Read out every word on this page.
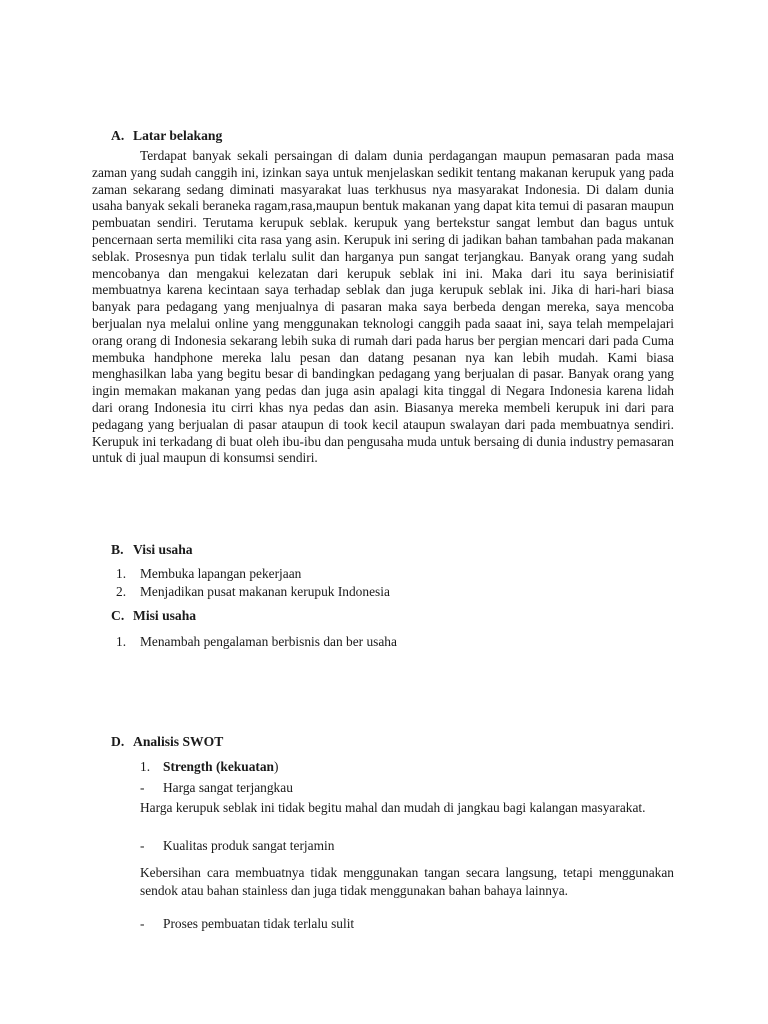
A. Latar belakang

Terdapat banyak sekali persaingan di dalam dunia perdagangan maupun pemasaran pada masa zaman yang sudah canggih ini, izinkan saya untuk menjelaskan sedikit tentang makanan kerupuk yang pada zaman sekarang sedang diminati masyarakat luas terkhusus nya masyarakat Indonesia. Di dalam dunia usaha banyak sekali beraneka ragam,rasa,maupun bentuk makanan yang dapat kita temui di pasaran maupun pembuatan sendiri. Terutama kerupuk seblak. kerupuk yang bertekstur sangat lembut dan bagus untuk pencernaan serta memiliki cita rasa yang asin. Kerupuk ini sering di jadikan bahan tambahan pada makanan seblak. Prosesnya pun tidak terlalu sulit dan harganya pun sangat terjangkau. Banyak orang yang sudah mencobanya dan mengakui kelezatan dari kerupuk seblak ini ini. Maka dari itu saya berinisiatif membuatnya karena kecintaan saya terhadap seblak dan juga kerupuk seblak ini. Jika di hari-hari biasa banyak para pedagang yang menjualnya di pasaran maka saya berbeda dengan mereka, saya mencoba berjualan nya melalui online yang menggunakan teknologi canggih pada saaat ini, saya telah mempelajari orang orang di Indonesia sekarang lebih suka di rumah dari pada harus ber pergian mencari dari pada Cuma membuka handphone mereka lalu pesan dan datang pesanan nya kan lebih mudah. Kami biasa menghasilkan laba yang begitu besar di bandingkan pedagang yang berjualan di pasar. Banyak orang yang ingin memakan makanan yang pedas dan juga asin apalagi kita tinggal di Negara Indonesia karena lidah dari orang Indonesia itu cirri khas nya pedas dan asin. Biasanya mereka membeli kerupuk ini dari para pedagang yang berjualan di pasar ataupun di took kecil ataupun swalayan dari pada membuatnya sendiri. Kerupuk ini terkadang di buat oleh ibu-ibu dan pengusaha muda untuk bersaing di dunia industry pemasaran untuk di jual maupun di konsumsi sendiri.

B. Visi usaha
1. Membuka lapangan pekerjaan
2. Menjadikan pusat makanan kerupuk Indonesia
C. Misi usaha
1. Menambah pengalaman berbisnis dan ber usaha
D. Analisis SWOT
1. Strength (kekuatan)
- Harga sangat terjangkau

Harga kerupuk seblak ini tidak begitu mahal dan mudah di jangkau bagi kalangan masyarakat.

- Kualitas produk sangat terjamin

Kebersihan cara membuatnya tidak menggunakan tangan secara langsung, tetapi menggunakan sendok atau bahan stainless dan juga tidak menggunakan bahan bahaya lainnya.

- Proses pembuatan tidak terlalu sulit
